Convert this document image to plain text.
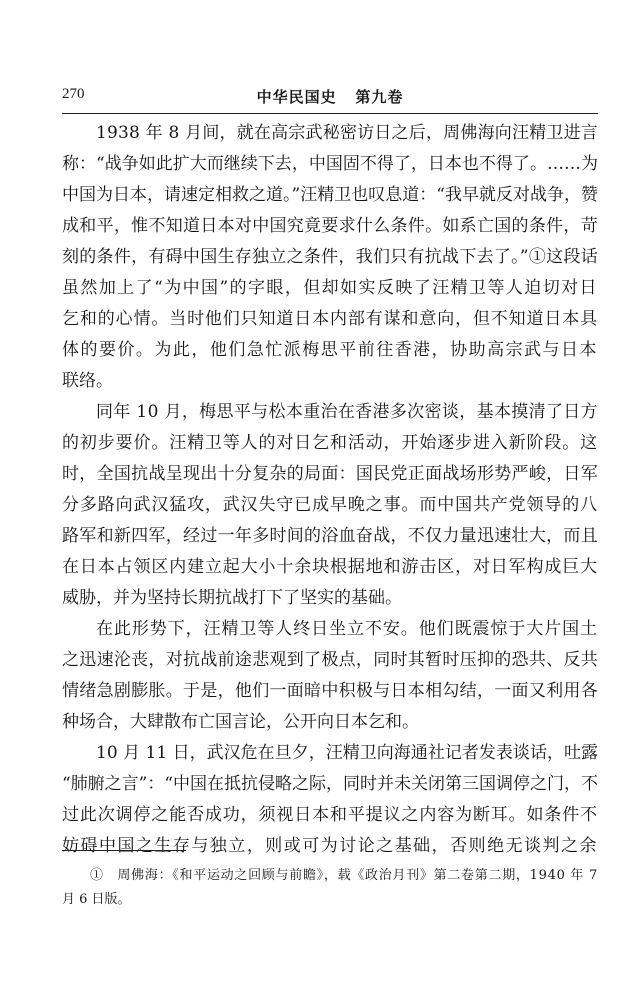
270	中华民国史   第九卷
1938 年 8 月间，就在高宗武秘密访日之后，周佛海向汪精卫进言
称：“战争如此扩大而继续下去，中国固不得了，日本也不得了。……为
中国为日本，请速定相救之道。”汪精卫也叹息道：“我早就反对战争，赞
成和平，惟不知道日本对中国究竟要求什么条件。如系亡国的条件，苛
刻的条件，有碍中国生存独立之条件，我们只有抗战下去了。”①这段话
虽然加上了“为中国”的字眼，但却如实反映了汪精卫等人迫切对日
乞和的心情。当时他们只知道日本内部有谋和意向，但不知道日本具
体的要价。为此，他们急忙派梅思平前往香港，协助高宗武与日本
联络。
同年 10 月，梅思平与松本重治在香港多次密谈，基本摸清了日方
的初步要价。汪精卫等人的对日乞和活动，开始逐步进入新阶段。这
时，全国抗战呈现出十分复杂的局面：国民党正面战场形势严峻，日军
分多路向武汉猛攻，武汉失守已成早晚之事。而中国共产党领导的八
路军和新四军，经过一年多时间的浴血奋战，不仅力量迅速壮大，而且
在日本占领区内建立起大小十余块根据地和游击区，对日军构成巨大
威胁，并为坚持长期抗战打下了坚实的基础。
在此形势下，汪精卫等人终日坐立不安。他们既震惊于大片国土
之迅速沦丧，对抗战前途悲观到了极点，同时其暂时压抑的恐共、反共
情绪急剧膨胀。于是，他们一面暗中积极与日本相勾结，一面又利用各
种场合，大肆散布亡国言论，公开向日本乞和。
10 月 11 日，武汉危在旦夕，汪精卫向海通社记者发表谈话，吐露
“肺腑之言”：“中国在抵抗侵略之际，同时并未关闭第三国调停之门，不
过此次调停之能否成功，须视日本和平提议之内容为断耳。如条件不
妨碍中国之生存与独立，则或可为讨论之基础，否则绝无谈判之余
①　周佛海：《和平运动之回顾与前瞻》，载《政治月刊》第二卷第二期，1940 年 7
月 6 日版。
